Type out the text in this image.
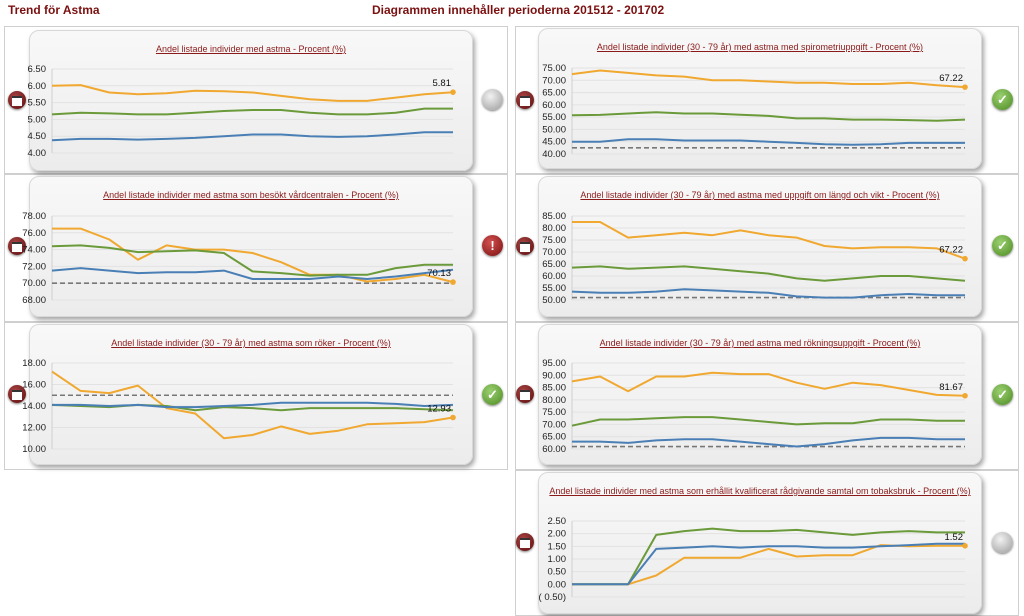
Trend för Astma	Diagrammen innehåller perioderna 201512 - 201702
Andel listade individer med astma - Procent (%)
6.50
6.00
5.50
5.00
4.50
4.00
5.81
Andel listade individer med astma som besökt vårdcentralen - Procent (%)
!
78.00
76.00
74.00
72.00
70.00
68.00
70.13
Andel listade individer (30 - 79 år) med astma som röker - Procent (%)
✓
18.00
16.00
14.00
12.00
10.00
12.93
Andel listade individer (30 - 79 år) med astma med spirometriuppgift - Procent (%)
✓
75.00
70.00
65.00
60.00
55.00
50.00
45.00
40.00
67.22
Andel listade individer (30 - 79 år) med astma med uppgift om längd och vikt - Procent (%)
✓
85.00
80.00
75.00
70.00
65.00
60.00
55.00
50.00
67.22
Andel listade individer (30 - 79 år) med astma med rökningsuppgift - Procent (%)
✓
95.00
90.00
85.00
80.00
75.00
70.00
65.00
60.00
81.67
Andel listade individer med astma som erhållit kvalificerat rådgivande samtal om tobaksbruk - Procent (%)
2.50
2.00
1.50
1.00
0.50
0.00
( 0.50)
1.52
